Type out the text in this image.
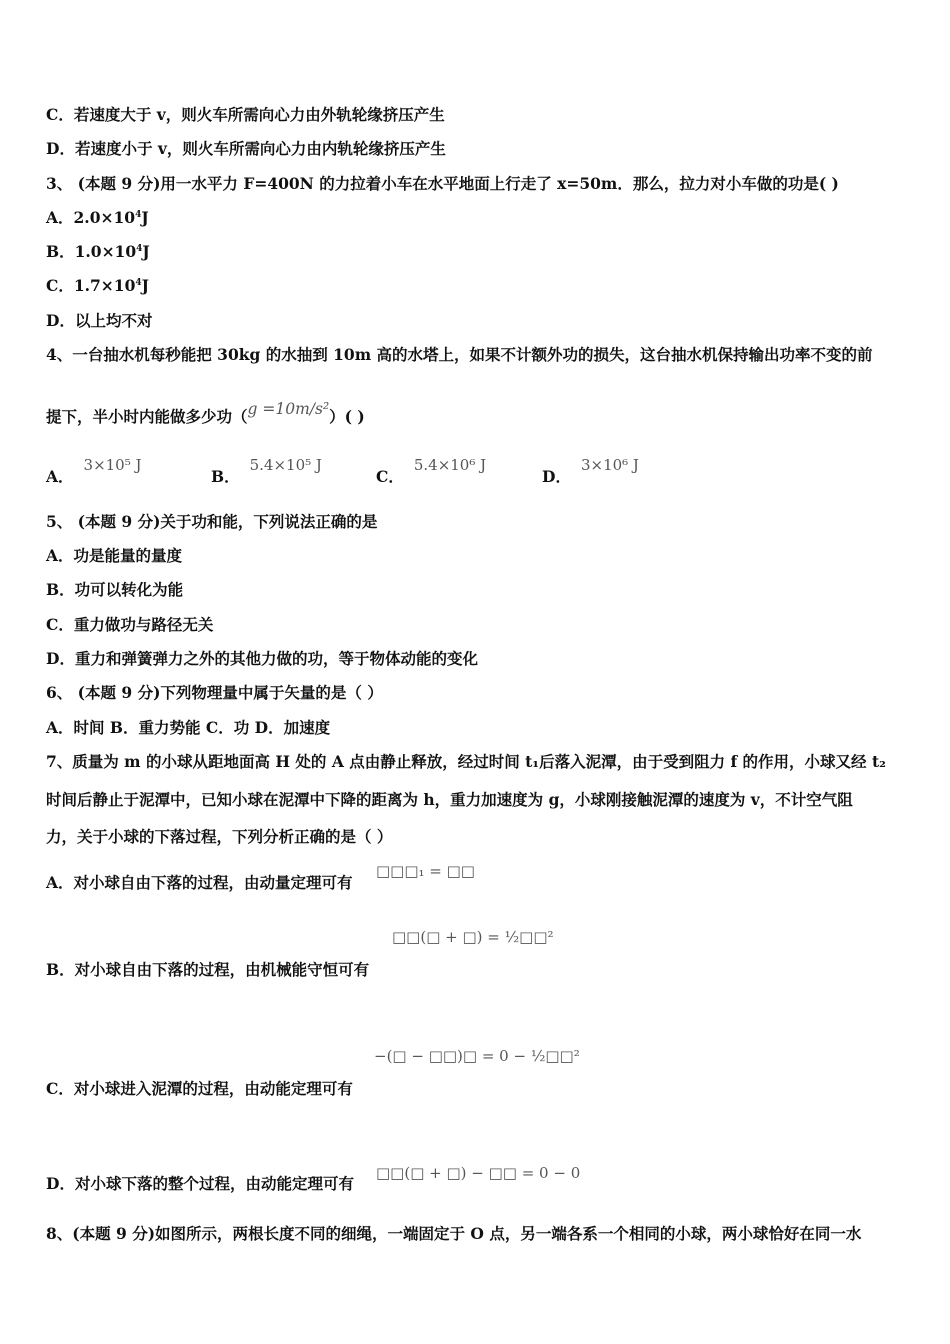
C．若速度大于 v，则火车所需向心力由外轨轮缘挤压产生
D．若速度小于 v，则火车所需向心力由内轨轮缘挤压产生
3、 (本题 9 分)用一水平力 F=400N 的力拉着小车在水平地面上行走了 x=50m．那么，拉力对小车做的功是( )
A．$2.0\times 10^4J$
B．$1.0\times 10^4J$
C．$1.7\times 10^4J$
D．以上均不对
4、一台抽水机每秒能把 30kg 的水抽到 10m 高的水塔上，如果不计额外功的损失，这台抽水机保持输出功率不变的前
提下，半小时内能做多少功（g =10m/s²）( )
A．3×10⁵ J
B．5.4×10⁵ J
C．5.4×10⁶ J
D．3×10⁶ J
5、 (本题 9 分)关于功和能，下列说法正确的是
A．功是能量的量度
B．功可以转化为能
C．重力做功与路径无关
D．重力和弹簧弹力之外的其他力做的功，等于物体动能的变化
6、 (本题 9 分)下列物理量中属于矢量的是（ ）
A．时间 B．重力势能 C．功 D．加速度
7、质量为 m 的小球从距地面高 H 处的 A 点由静止释放，经过时间 t₁后落入泥潭，由于受到阻力 f 的作用，小球又经 t₂
时间后静止于泥潭中，已知小球在泥潭中下降的距离为 h，重力加速度为 g，小球刚接触泥潭的速度为 v，不计空气阻
力，关于小球的下落过程，下列分析正确的是（ ）
A．对小球自由下落的过程，由动量定理可有
□□□₁ = □□
□□(□ + □) = ½□□²
B．对小球自由下落的过程，由机械能守恒可有
−(□ − □□)□ = 0 − ½□□²
C．对小球进入泥潭的过程，由动能定理可有
D．对小球下落的整个过程，由动能定理可有
□□(□ + □) − □□ = 0 − 0
8、(本题 9 分)如图所示，两根长度不同的细绳，一端固定于 O 点，另一端各系一个相同的小球，两小球恰好在同一水
